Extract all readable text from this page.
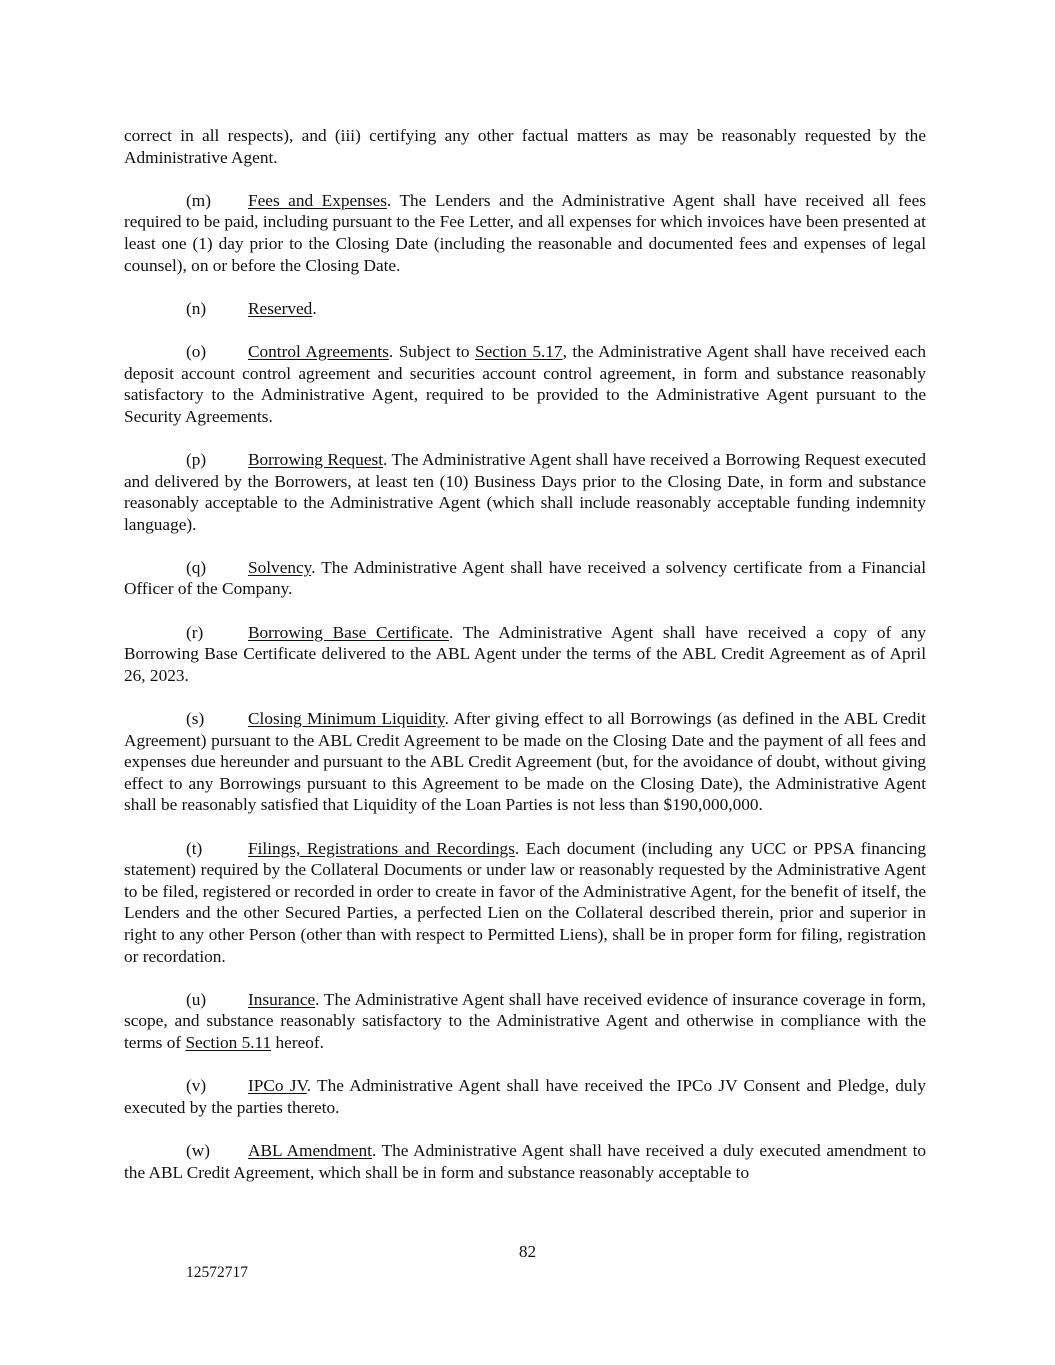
correct in all respects), and (iii) certifying any other factual matters as may be reasonably requested by the Administrative Agent.

(m) Fees and Expenses. The Lenders and the Administrative Agent shall have received all fees required to be paid, including pursuant to the Fee Letter, and all expenses for which invoices have been presented at least one (1) day prior to the Closing Date (including the reasonable and documented fees and expenses of legal counsel), on or before the Closing Date.

(n) Reserved.

(o) Control Agreements. Subject to Section 5.17, the Administrative Agent shall have received each deposit account control agreement and securities account control agreement, in form and substance reasonably satisfactory to the Administrative Agent, required to be provided to the Administrative Agent pursuant to the Security Agreements.

(p) Borrowing Request. The Administrative Agent shall have received a Borrowing Request executed and delivered by the Borrowers, at least ten (10) Business Days prior to the Closing Date, in form and substance reasonably acceptable to the Administrative Agent (which shall include reasonably acceptable funding indemnity language).

(q) Solvency. The Administrative Agent shall have received a solvency certificate from a Financial Officer of the Company.

(r)	Borrowing Base Certificate. The Administrative Agent shall have received a copy of any Borrowing Base Certificate delivered to the ABL Agent under the terms of the ABL Credit Agreement as of April 26, 2023.

(s)	Closing Minimum Liquidity. After giving effect to all Borrowings (as defined in the ABL Credit Agreement) pursuant to the ABL Credit Agreement to be made on the Closing Date and the payment of all fees and expenses due hereunder and pursuant to the ABL Credit Agreement (but, for the avoidance of doubt, without giving effect to any Borrowings pursuant to this Agreement to be made on the Closing Date), the Administrative Agent shall be reasonably satisfied that Liquidity of the Loan Parties is not less than $190,000,000.

(t)	Filings, Registrations and Recordings. Each document (including any UCC or PPSA financing statement) required by the Collateral Documents or under law or reasonably requested by the Administrative Agent to be filed, registered or recorded in order to create in favor of the Administrative Agent, for the benefit of itself, the Lenders and the other Secured Parties, a perfected Lien on the Collateral described therein, prior and superior in right to any other Person (other than with respect to Permitted Liens), shall be in proper form for filing, registration or recordation.

(u) Insurance. The Administrative Agent shall have received evidence of insurance coverage in form, scope, and substance reasonably satisfactory to the Administrative Agent and otherwise in compliance with the terms of Section 5.11 hereof.

(v) IPCo JV. The Administrative Agent shall have received the IPCo JV Consent and Pledge, duly executed by the parties thereto.

(w) ABL Amendment. The Administrative Agent shall have received a duly executed amendment to the ABL Credit Agreement, which shall be in form and substance reasonably acceptable to

82
12572717
